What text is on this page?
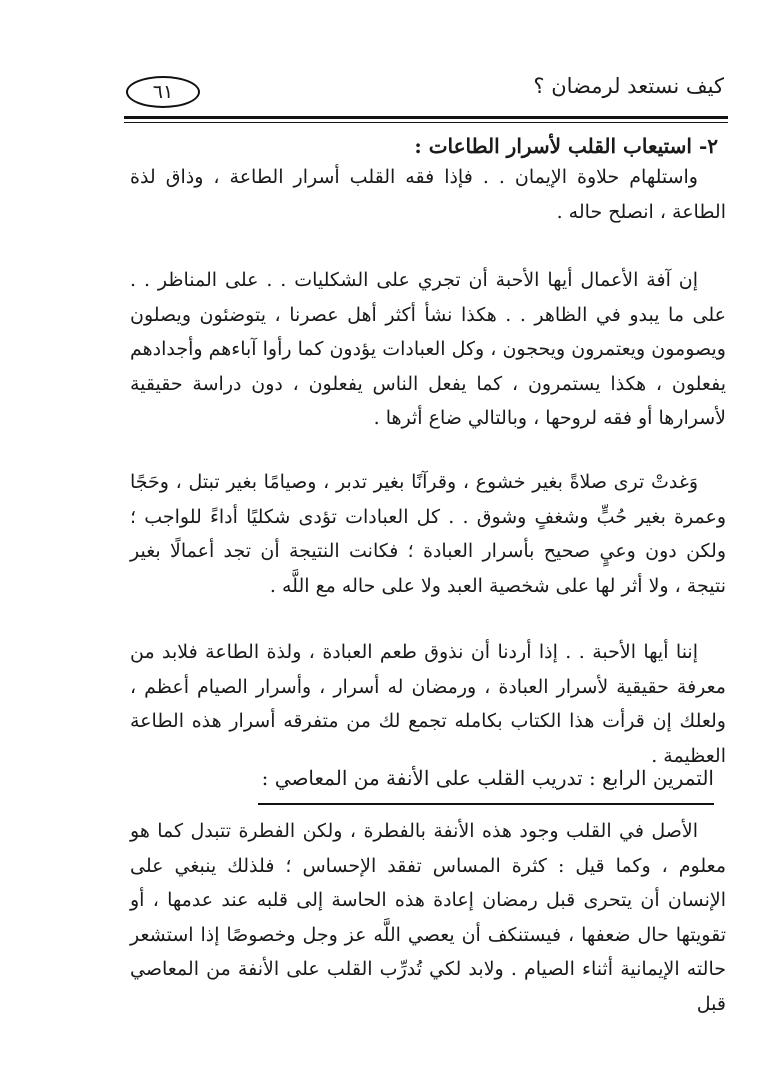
كيف نستعد لرمضان ؟
٦١
٢- استيعاب القلب لأسرار الطاعات :

واستلهام حلاوة الإيمان . . فإذا فقه القلب أسرار الطاعة ، وذاق لذة الطاعة ، انصلح حاله .

إن آفة الأعمال أيها الأحبة أن تجري على الشكليات . . على المناظر . . على ما يبدو في الظاهر . . هكذا نشأ أكثر أهل عصرنا ، يتوضئون ويصلون ويصومون ويعتمرون ويحجون ، وكل العبادات يؤدون كما رأوا آباءهم وأجدادهم يفعلون ، هكذا يستمرون ، كما يفعل الناس يفعلون ، دون دراسة حقيقية لأسرارها أو فقه لروحها ، وبالتالي ضاع أثرها .

وَغدتْ ترى صلاةً بغير خشوع ، وقرآنًا بغير تدبر ، وصيامًا بغير تبتل ، وحَجًا وعمرة بغير حُبٍّ وشغفٍ وشوق . . كل العبادات تؤدى شكليًا أداءً للواجب ؛ ولكن دون وعيٍ صحيح بأسرار العبادة ؛ فكانت النتيجة أن تجد أعمالًا بغير نتيجة ، ولا أثر لها على شخصية العبد ولا على حاله مع اللَّه .

إننا أيها الأحبة . . إذا أردنا أن نذوق طعم العبادة ، ولذة الطاعة فلابد من معرفة حقيقية لأسرار العبادة ، ورمضان له أسرار ، وأسرار الصيام أعظم ، ولعلك إن قرأت هذا الكتاب بكامله تجمع لك من متفرقه أسرار هذه الطاعة العظيمة .

التمرين الرابع : تدريب القلب على الأنفة من المعاصي :

الأصل في القلب وجود هذه الأنفة بالفطرة ، ولكن الفطرة تتبدل كما هو معلوم ، وكما قيل : كثرة المساس تفقد الإحساس ؛ فلذلك ينبغي على الإنسان أن يتحرى قبل رمضان إعادة هذه الحاسة إلى قلبه عند عدمها ، أو تقويتها حال ضعفها ، فيستنكف أن يعصي اللَّه عز وجل وخصوصًا إذا استشعر حالته الإيمانية أثناء الصيام . ولابد لكي تُدرِّب القلب على الأنفة من المعاصي قبل
